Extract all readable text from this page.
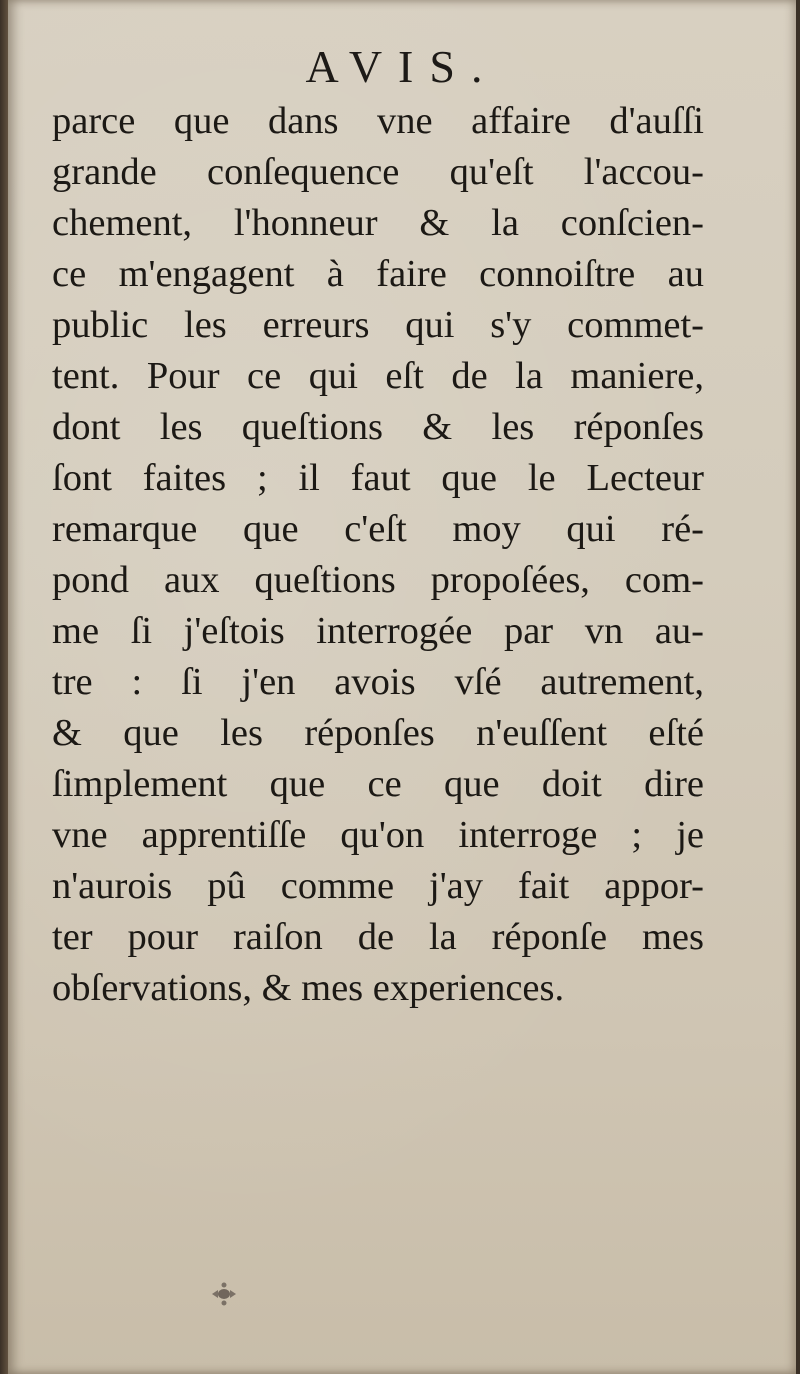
AVIS.
parce que dans vne affaire d'auſſi
grande conſequence qu'eſt l'accou-
chement, l'honneur & la conſcien-
ce m'engagent à faire connoiſtre au
public les erreurs qui s'y commet-
tent. Pour ce qui eſt de la maniere,
dont les queſtions & les réponſes
ſont faites ; il faut que le Lecteur
remarque que c'eſt moy qui ré-
pond aux queſtions propoſées, com-
me ſi j'eſtois interrogée par vn au-
tre : ſi j'en avois vſé autrement,
& que les réponſes n'euſſent eſté
ſimplement que ce que doit dire
vne apprentiſſe qu'on interroge ; je
n'aurois pû comme j'ay fait appor-
ter pour raiſon de la réponſe mes
obſervations, & mes experiences.
